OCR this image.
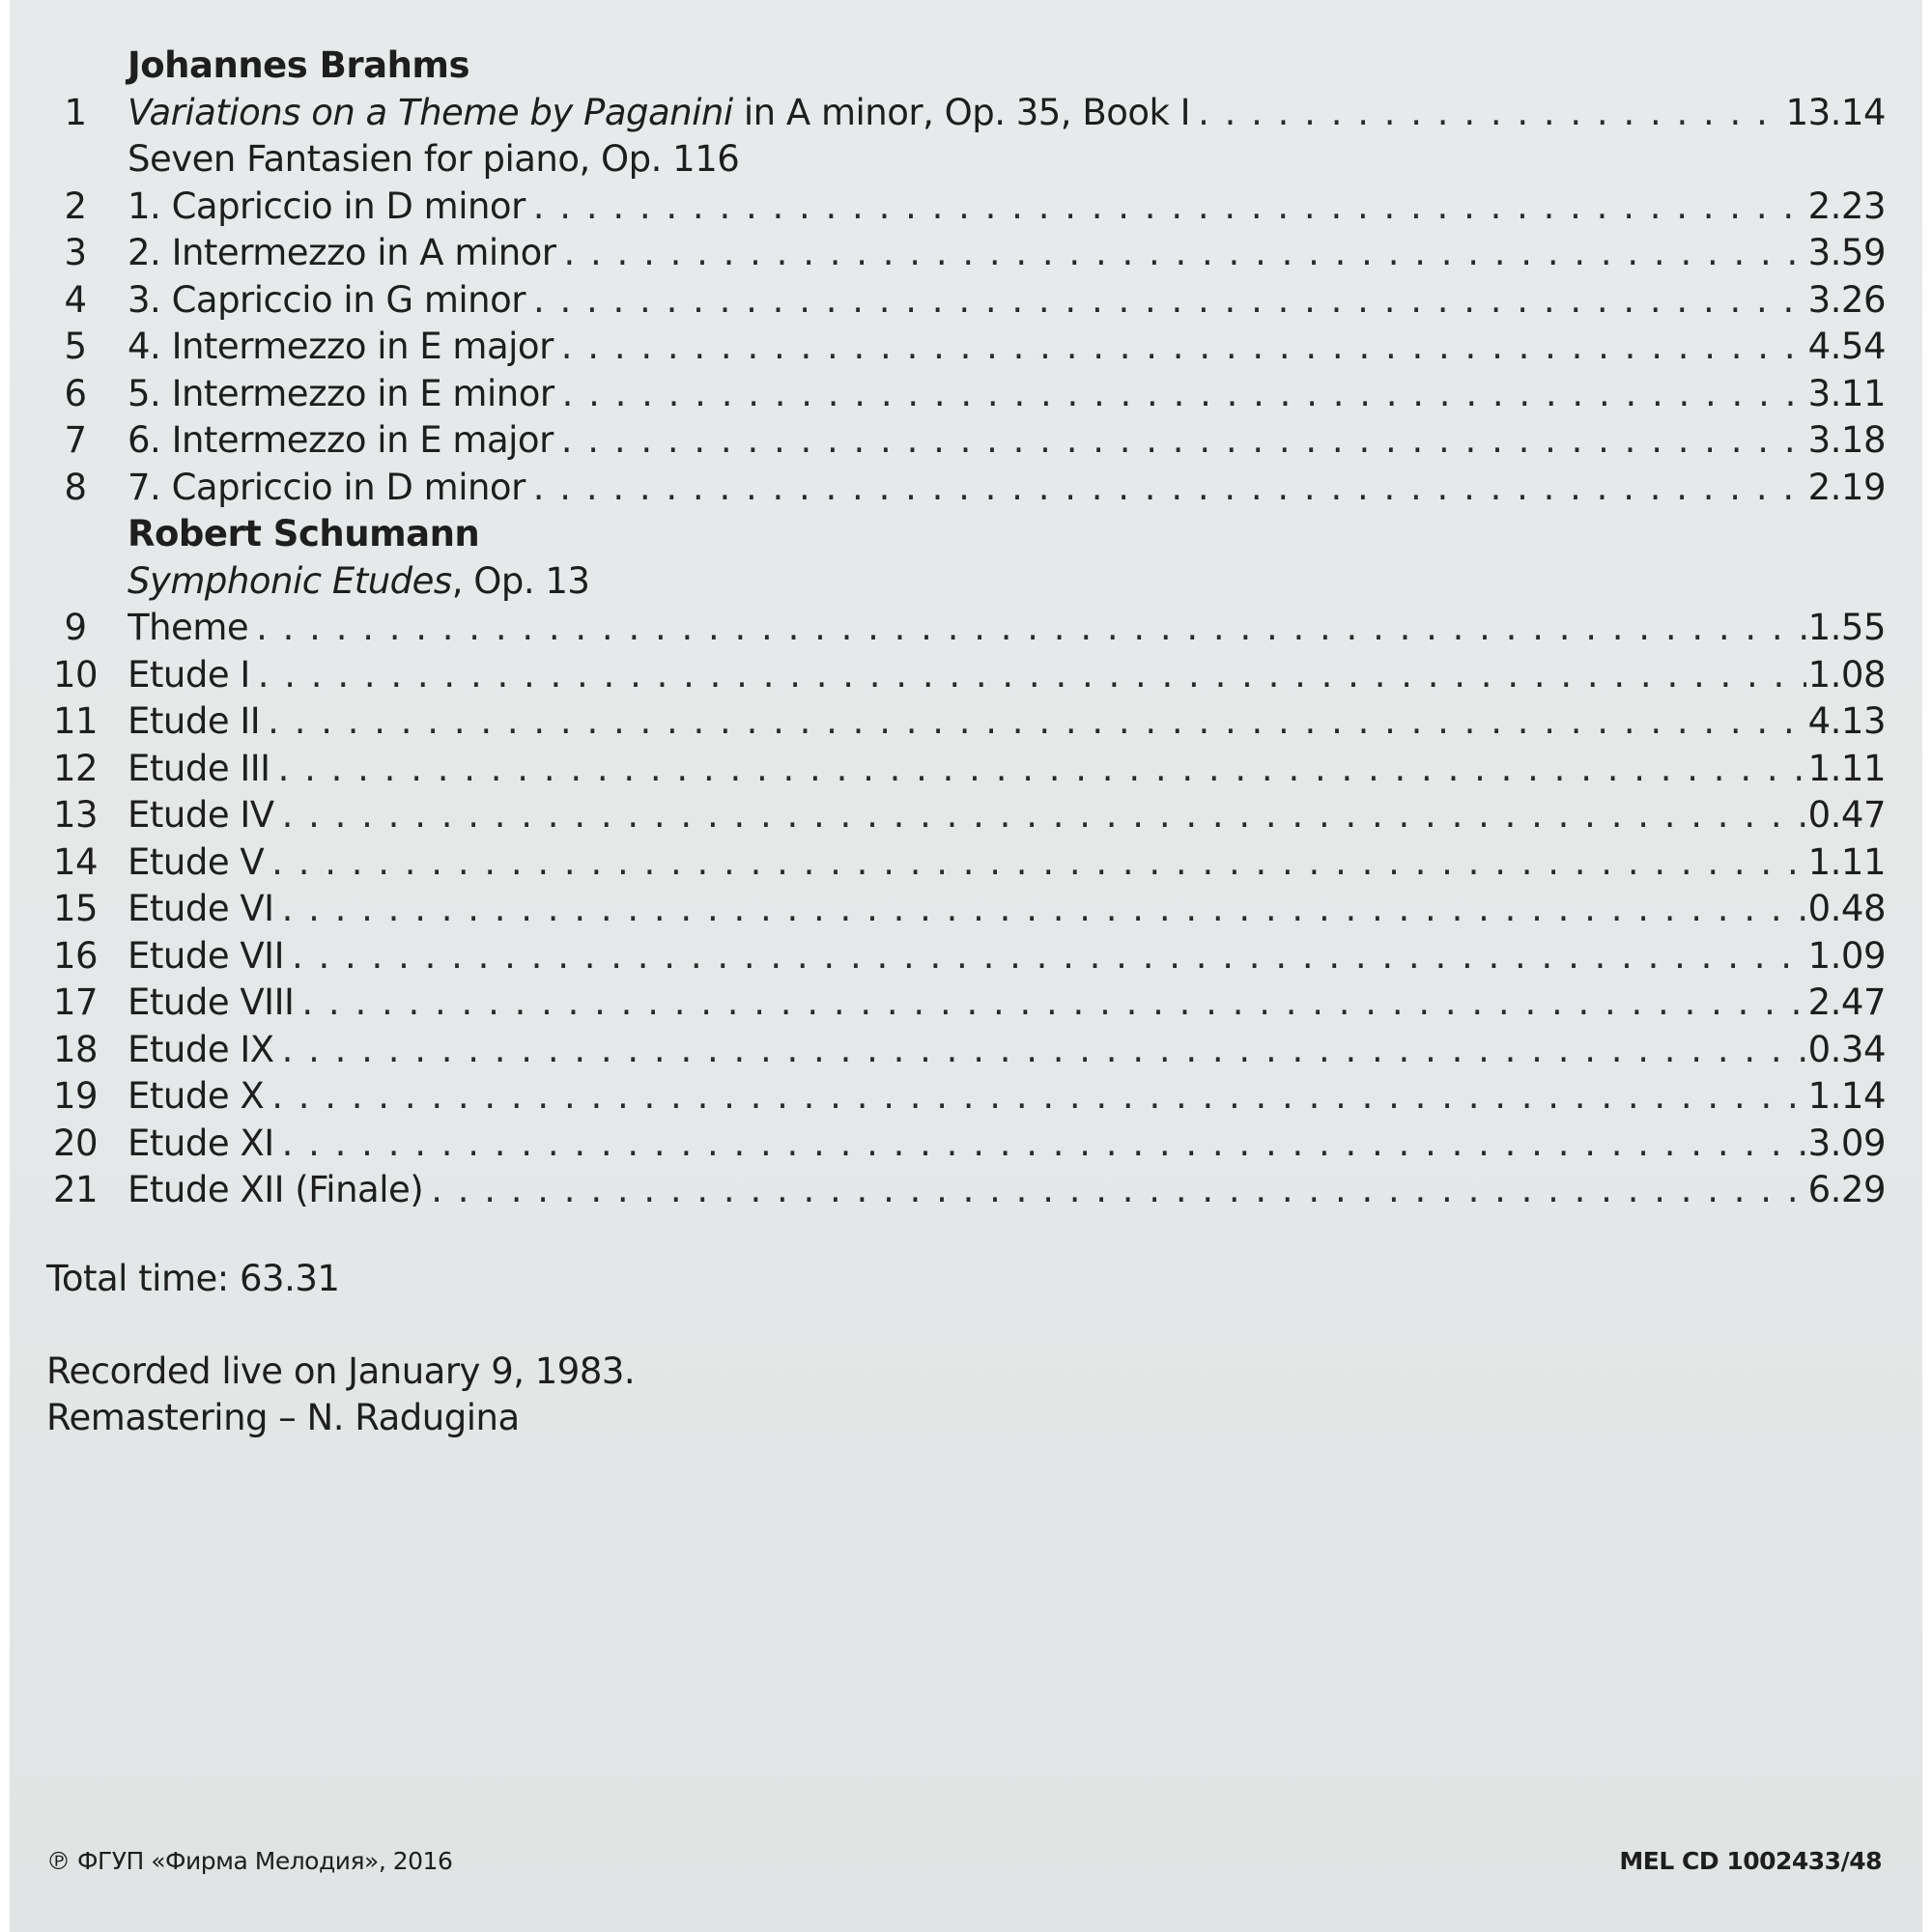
Johannes Brahms
1	Variations on a Theme by Paganini in A minor, Op. 35, Book I . . .	13.14
Seven Fantasien for piano, Op. 116
2	1. Capriccio in D minor . . .	2.23
3	2. Intermezzo in A minor . . .	3.59
4	3. Capriccio in G minor . . .	3.26
5	4. Intermezzo in E major . . .	4.54
6	5. Intermezzo in E minor . . .	3.11
7	6. Intermezzo in E major . . .	3.18
8	7. Capriccio in D minor . . .	2.19
Robert Schumann
Symphonic Etudes, Op. 13
9	Theme . . .	1.55
10 Etude I . . .	1.08
11 Etude II . . .	4.13
12 Etude III . . .	1.11
13 Etude IV . . .	0.47
14 Etude V . . .	1.11
15 Etude VI . . .	0.48
16 Etude VII . . .	1.09
17 Etude VIII . . .	2.47
18 Etude IX . . .	0.34
19 Etude X . . .	1.14
20 Etude XI . . .	3.09
21 Etude XII (Finale) . . .	6.29
Total time: 63.31
Recorded live on January 9, 1983.
Remastering – N. Radugina
℗ ФГУП «Фирма Мелодия», 2016	MEL CD 1002433/48
